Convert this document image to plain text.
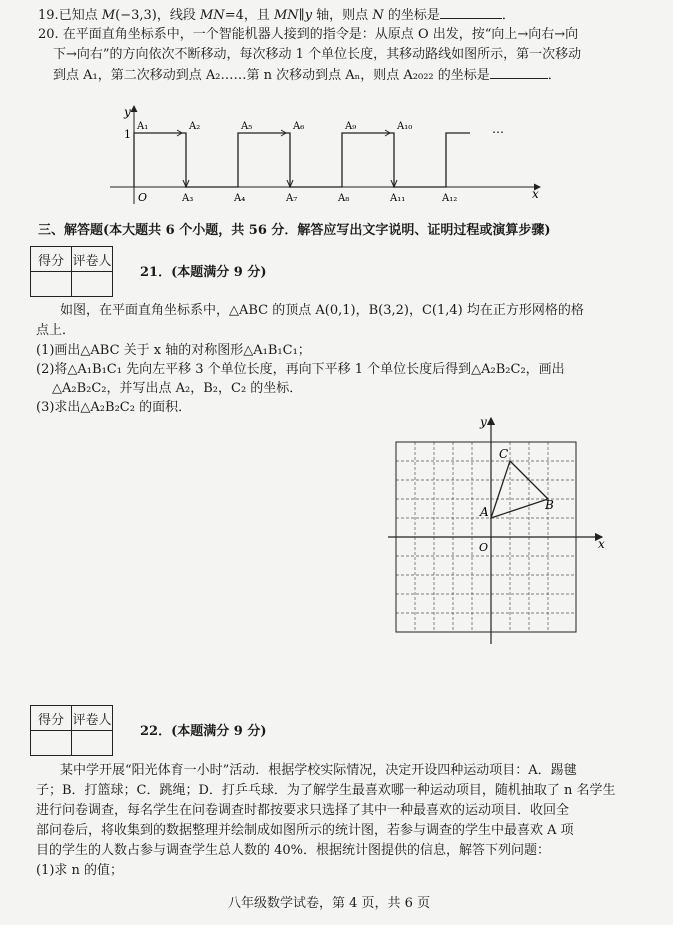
19.已知点 M(−3,3)，线段 MN=4，且 MN∥y 轴，则点 N 的坐标是	．
20. 在平面直角坐标系中，一个智能机器人接到的指令是：从原点 O 出发，按“向上→向右→向
下→向右”的方向依次不断移动，每次移动 1 个单位长度，其移动路线如图所示，第一次移动
到点 A₁，第二次移动到点 A₂……第 n 次移动到点 Aₙ，则点 A₂₀₂₂ 的坐标是	．
y
x
O
1
A₁	A₂	A₅	A₆	A₉	A₁₀
A₃	A₄	A₇	A₈	A₁₁	A₁₂
…
三、解答题(本大题共 6 个小题，共 56 分．解答应写出文字说明、证明过程或演算步骤)
得分	评卷人

21．(本题满分 9 分)
如图，在平面直角坐标系中，△ABC 的顶点 A(0,1)，B(3,2)，C(1,4) 均在正方形网格的格
点上．
(1)画出△ABC 关于 x 轴的对称图形△A₁B₁C₁；
(2)将△A₁B₁C₁ 先向左平移 3 个单位长度，再向下平移 1 个单位长度后得到△A₂B₂C₂，画出
△A₂B₂C₂，并写出点 A₂，B₂，C₂ 的坐标．
(3)求出△A₂B₂C₂ 的面积．
y
x
O
A	B
C
得分	评卷人

22．(本题满分 9 分)
某中学开展“阳光体育一小时”活动．根据学校实际情况，决定开设四种运动项目：A．踢毽
子；B．打篮球；C．跳绳；D．打乒乓球．为了解学生最喜欢哪一种运动项目，随机抽取了 n 名学生
进行问卷调查，每名学生在问卷调查时都按要求只选择了其中一种最喜欢的运动项目．收回全
部问卷后，将收集到的数据整理并绘制成如图所示的统计图，若参与调查的学生中最喜欢 A 项
目的学生的人数占参与调查学生总人数的 40%．根据统计图提供的信息，解答下列问题：
(1)求 n 的值；
八年级数学试卷，第 4 页，共 6 页
